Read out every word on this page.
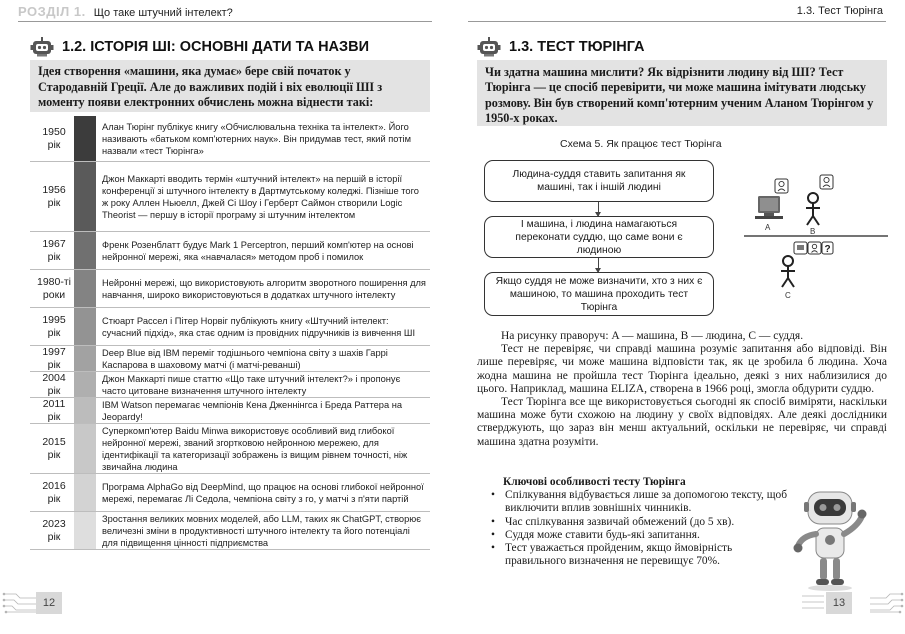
РОЗДІЛ 1. Що таке штучний інтелект?	1.3. Тест Тюрінга
1.2. ІСТОРІЯ ШІ: ОСНОВНІ ДАТИ ТА НАЗВИ
Ідея створення «машини, яка думає» бере свій початок у Стародавній Греції. Але до важливих подій і віх еволюції ШІ з моменту появи електронних обчислень можна віднести такі:
1950
рік
Алан Тюрінг публікує книгу «Обчислювальна техніка та інтелект». Його називають «батьком комп'ютерних наук». Він придумав тест, який потім назвали «тест Тюрінга»
1956
рік
Джон Маккарті вводить термін «штучний інтелект» на першій в історії конференції зі штучного інтелекту в Дартмутському коледжі. Пізніше того ж року Аллен Ньюелл, Джей Сі Шоу і Герберт Саймон створили Logic Theorist — першу в історії програму зі штучним інтелектом
1967
рік
Френк Розенблатт будує Mark 1 Perceptron, перший комп'ютер на основі нейронної мережі, яка «навчалася» методом проб і помилок
1980-ті
роки
Нейронні мережі, що використовують алгоритм зворотного поширення для навчання, широко використовуються в додатках штучного інтелекту
1995
рік
Стюарт Рассел і Пітер Норвіг публікують книгу «Штучний інтелект: сучасний підхід», яка стає одним із провідних підручників із вивчення ШІ
1997
рік
Deep Blue від IBM переміг тодішнього чемпіона світу з шахів Гаррі Каспарова в шаховому матчі (і матчі-реванші)
2004
рік
Джон Маккарті пише статтю «Що таке штучний інтелект?» і пропонує часто цитоване визначення штучного інтелекту
2011
рік
IBM Watson перемагає чемпіонів Кена Дженнінгса і Бреда Раттера на Jeopardy!
2015
рік
Суперкомп'ютер Baidu Minwa використовує особливий вид глибокої нейронної мережі, званий згортковою нейронною мережею, для ідентифікації та категоризації зображень із вищим рівнем точності, ніж звичайна людина
2016
рік
Програма AlphaGo від DeepMind, що працює на основі глибокої нейронної мережі, перемагає Лі Седола, чемпіона світу з го, у матчі з п'яти партій
2023
рік
Зростання великих мовних моделей, або LLM, таких як ChatGPT, створює величезні зміни в продуктивності штучного інтелекту та його потенціалі для підвищення цінності підприємства
12
1.3. ТЕСТ ТЮРІНГА
Чи здатна машина мислити? Як відрізнити людину від ШІ? Тест Тюрінга — це спосіб перевірити, чи може машина імітувати людську розмову. Він був створений комп'ютерним ученим Аланом Тюрінгом у 1950-х роках.
Схема 5. Як працює тест Тюрінга
Людина-суддя ставить запитання як машині, так і іншій людині
І машина, і людина намагаються переконати суддю, що саме вони є людиною
Якщо суддя не може визначити, хто з них є машиною, то машина проходить тест Тюрінга
A	B
?
C

На рисунку праворуч: A — машина, B — людина, C — суддя.

Тест не перевіряє, чи справді машина розуміє запитання або відповіді. Він лише перевіряє, чи може машина відповісти так, як це зробила б людина. Хоча жодна машина не пройшла тест Тюрінга ідеально, деякі з них наблизилися до цього. Наприклад, машина ELIZA, створена в 1966 році, змогла обдурити суддю.

Тест Тюрінга все ще використовується сьогодні як спосіб виміряти, наскільки машина може бути схожою на людину у своїх відповідях. Але деякі дослідники стверджують, що зараз він менш актуальний, оскільки не перевіряє, чи справді машина здатна розуміти.

Ключові особливості тесту Тюрінга
• Спілкування відбувається лише за допомогою тексту, щоб виключити вплив зовнішніх чинників.
• Час спілкування зазвичай обмежений (до 5 хв).
• Суддя може ставити будь-які запитання.
• Тест уважається пройденим, якщо ймовірність правильного визначення не перевищує 70%.
13
